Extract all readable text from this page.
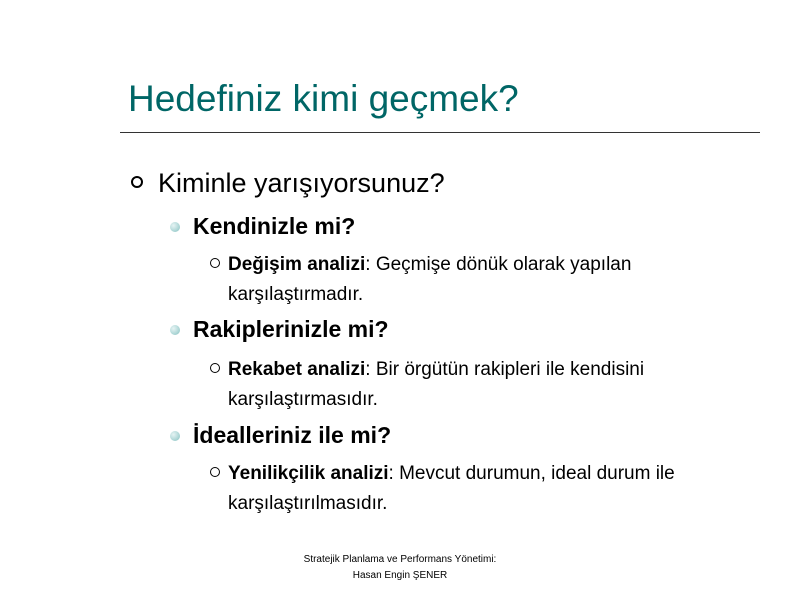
Hedefiniz kimi geçmek?
Kiminle yarışıyorsunuz?
Kendinizle mi?
Değişim analizi: Geçmişe dönük olarak yapılan karşılaştırmadır.
Rakiplerinizle mi?
Rekabet analizi: Bir örgütün rakipleri ile kendisini karşılaştırmasıdır.
İdealleriniz ile mi?
Yenilikçilik analizi: Mevcut durumun, ideal durum ile karşılaştırılmasıdır.
Stratejik Planlama ve Performans Yönetimi:
Hasan Engin ŞENER
